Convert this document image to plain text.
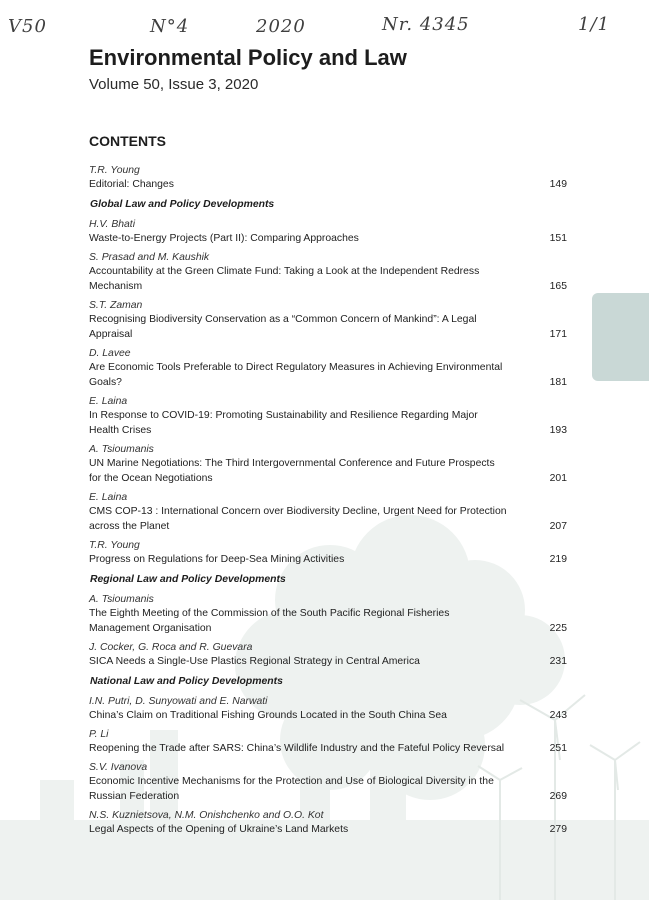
V50	N°4	2020	Nr. 4345	1/1
Environmental Policy and Law
Volume 50, Issue 3, 2020
CONTENTS
T.R. Young
Editorial: Changes	149
Global Law and Policy Developments
H.V. Bhati
Waste-to-Energy Projects (Part II): Comparing Approaches	151
S. Prasad and M. Kaushik
Accountability at the Green Climate Fund: Taking a Look at the Independent Redress Mechanism	165
S.T. Zaman
Recognising Biodiversity Conservation as a “Common Concern of Mankind”: A Legal Appraisal	171
D. Lavee
Are Economic Tools Preferable to Direct Regulatory Measures in Achieving Environmental Goals?	181
E. Laina
In Response to COVID-19: Promoting Sustainability and Resilience Regarding Major Health Crises	193
A. Tsioumanis
UN Marine Negotiations: The Third Intergovernmental Conference and Future Prospects for the Ocean Negotiations	201
E. Laina
CMS COP-13 : International Concern over Biodiversity Decline, Urgent Need for Protection across the Planet	207
T.R. Young
Progress on Regulations for Deep-Sea Mining Activities	219
Regional Law and Policy Developments
A. Tsioumanis
The Eighth Meeting of the Commission of the South Pacific Regional Fisheries Management Organisation	225
J. Cocker, G. Roca and R. Guevara
SICA Needs a Single-Use Plastics Regional Strategy in Central America	231
National Law and Policy Developments
I.N. Putri, D. Sunyowati and E. Narwati
China’s Claim on Traditional Fishing Grounds Located in the South China Sea	243
P. Li
Reopening the Trade after SARS: China’s Wildlife Industry and the Fateful Policy Reversal	251
S.V. Ivanova
Economic Incentive Mechanisms for the Protection and Use of Biological Diversity in the Russian Federation	269
N.S. Kuznietsova, N.M. Onishchenko and O.O. Kot
Legal Aspects of the Opening of Ukraine’s Land Markets	279
